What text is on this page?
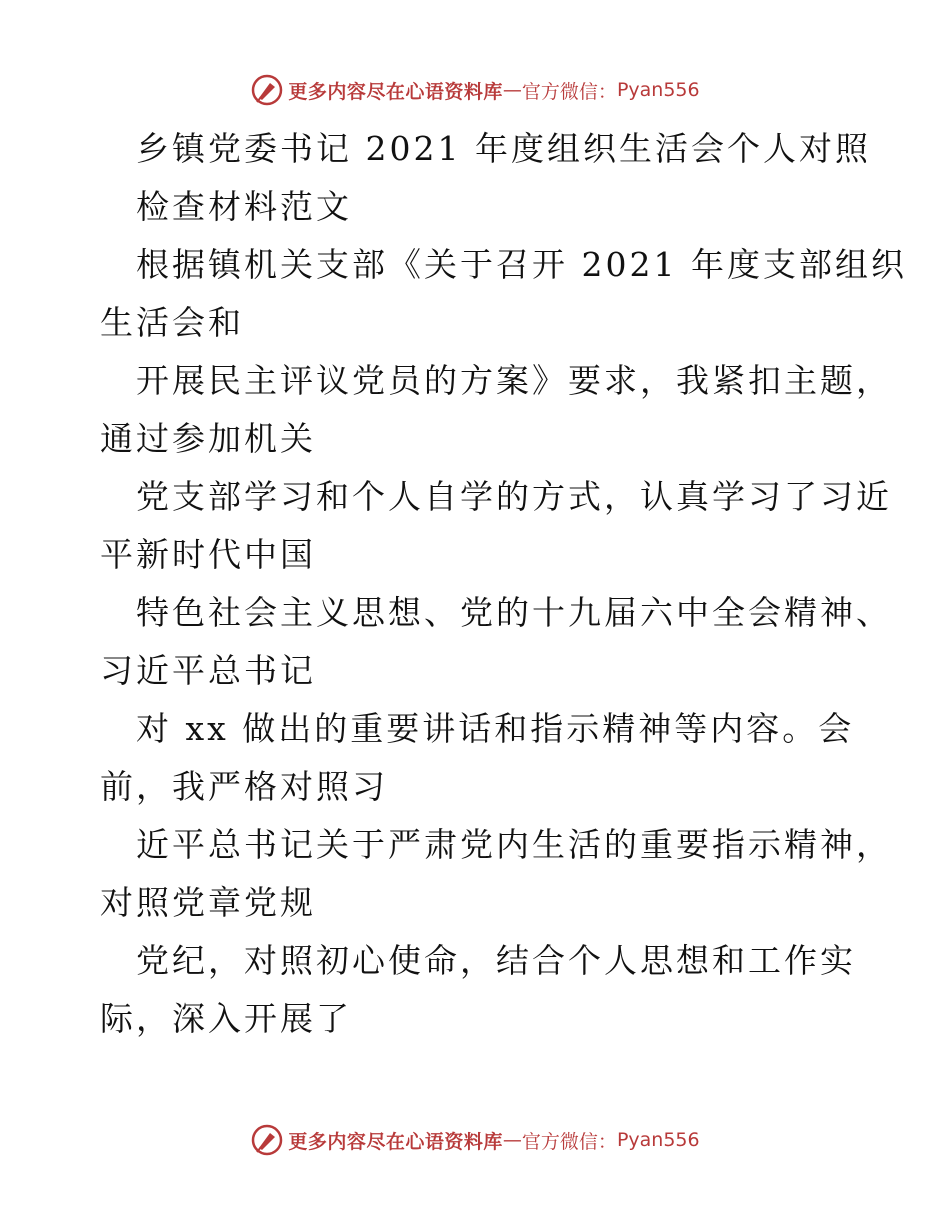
更多内容尽在心语资料库 — 官方微信： Pyan556
乡镇党委书记 2021 年度组织生活会个人对照
检查材料范文
根据镇机关支部《关于召开 2021 年度支部组织
生活会和
开展民主评议党员的方案》要求，我紧扣主题，
通过参加机关
党支部学习和个人自学的方式，认真学习了习近
平新时代中国
特色社会主义思想、党的十九届六中全会精神、
习近平总书记
对 xx 做出的重要讲话和指示精神等内容。会
前，我严格对照习
近平总书记关于严肃党内生活的重要指示精神，
对照党章党规
党纪，对照初心使命，结合个人思想和工作实
际，深入开展了
更多内容尽在心语资料库 — 官方微信： Pyan556
